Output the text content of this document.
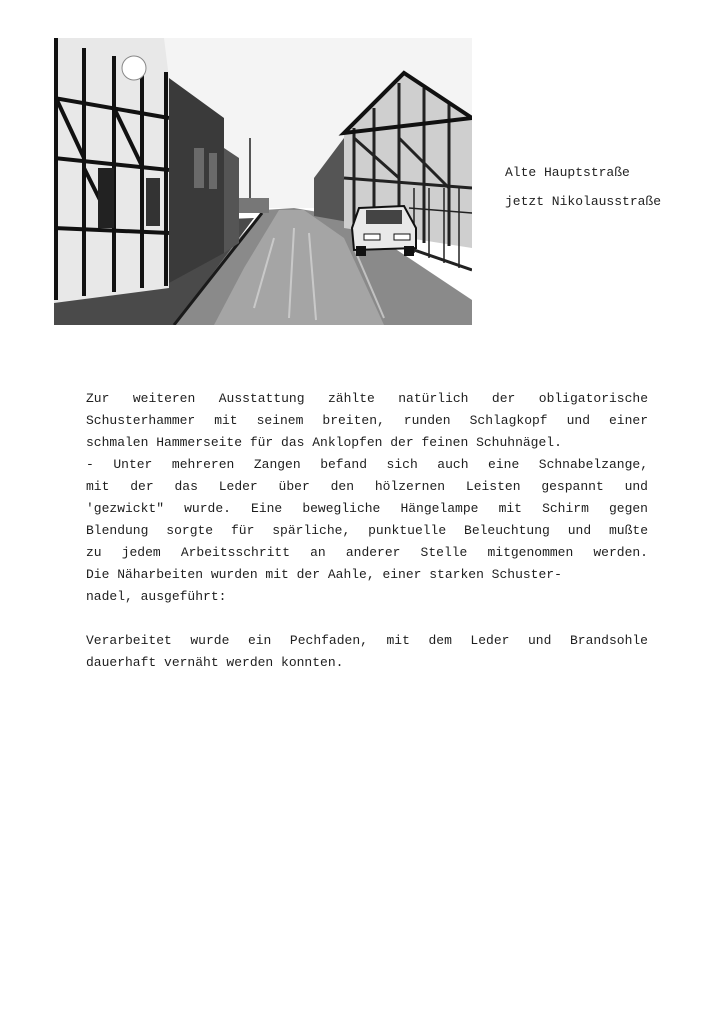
Alte Hauptstraße
jetzt Nikolausstraße
Zur weiteren Ausstattung zählte natürlich der obligatorische
Schusterhammer mit seinem breiten, runden Schlagkopf und einer
schmalen Hammerseite für das Anklopfen der feinen Schuhnägel.
- Unter mehreren Zangen befand sich auch eine Schnabelzange,
mit der das Leder über den hölzernen Leisten gespannt und
'gezwickt" wurde. Eine bewegliche Hängelampe mit Schirm gegen
Blendung sorgte für spärliche, punktuelle Beleuchtung und mußte
zu jedem Arbeitsschritt an anderer Stelle mitgenommen werden.
Die Näharbeiten wurden mit der Aahle, einer starken Schuster-
nadel, ausgeführt:
Verarbeitet wurde ein Pechfaden, mit dem Leder und Brandsohle
dauerhaft vernäht werden konnten.
